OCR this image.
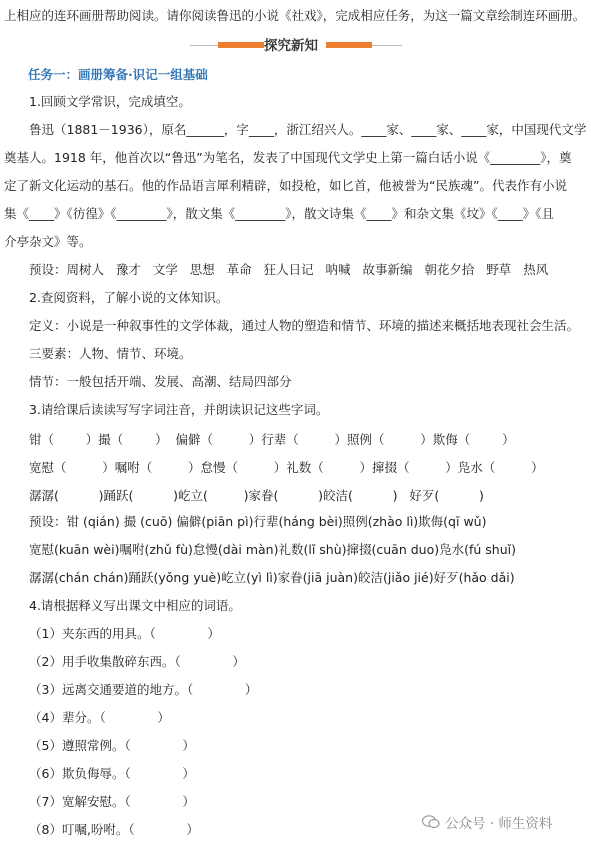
上相应的连环画册帮助阅读。请你阅读鲁迅的小说《社戏》，完成相应任务，为这一篇文章绘制连环画册。
探究新知
任务一：画册筹备·识记一组基础
1.回顾文学常识，完成填空。
鲁迅（1881－1936），原名______，字____，浙江绍兴人。____家、____家、____家，中国现代文学
奠基人。1918 年，他首次以“鲁迅”为笔名，发表了中国现代文学史上第一篇白话小说《________》，奠
定了新文化运动的基石。他的作品语言犀利精辟，如投枪，如匕首，他被誉为“民族魂”。代表作有小说
集《____》《彷徨》《________》，散文集《________》，散文诗集《____》和杂文集《坟》《____》《且
介亭杂文》等。
预设：周树人   豫才   文学   思想   革命   狂人日记   呐喊   故事新编   朝花夕拾   野草   热风
2.查阅资料，了解小说的文体知识。
定义：小说是一种叙事性的文学体裁，通过人物的塑造和情节、环境的描述来概括地表现社会生活。
三要素：人物、情节、环境。
情节：一般包括开端、发展、高潮、结局四部分
3.请给课后读读写写字词注音，并朗读识记这些字词。
钳（        ）撮（        ）  偏僻（         ）行辈（         ）照例（         ）欺侮（        ）
宽慰（         ）嘱咐（         ）怠慢（         ）礼数（         ）撺掇（         ）凫水（         ）
潺潺(          )踊跃(          )屹立(         )家眷(          )皎洁(          )   好歹(          )
预设：钳 (qián) 撮 (cuō) 偏僻(piān pì)行辈(háng bèi)照例(zhào lì)欺侮(qī wǔ)
宽慰(kuān wèi)嘱咐(zhǔ fù)怠慢(dài màn)礼数(lǐ shù)撺掇(cuān duo)凫水(fú shuǐ)
潺潺(chán chán)踊跃(yǒng yuè)屹立(yì lì)家眷(jiā juàn)皎洁(jiǎo jié)好歹(hǎo dǎi)
4.请根据释义写出课文中相应的词语。
（1）夹东西的用具。（             ）
（2）用手收集散碎东西。（             ）
（3）远离交通要道的地方。（             ）
（4）辈分。（             ）
（5）遵照常例。（             ）
（6）欺负侮辱。（             ）
（7）宽解安慰。（             ）
（8）叮嘱,吩咐。（             ）	公众号 · 师生资料
